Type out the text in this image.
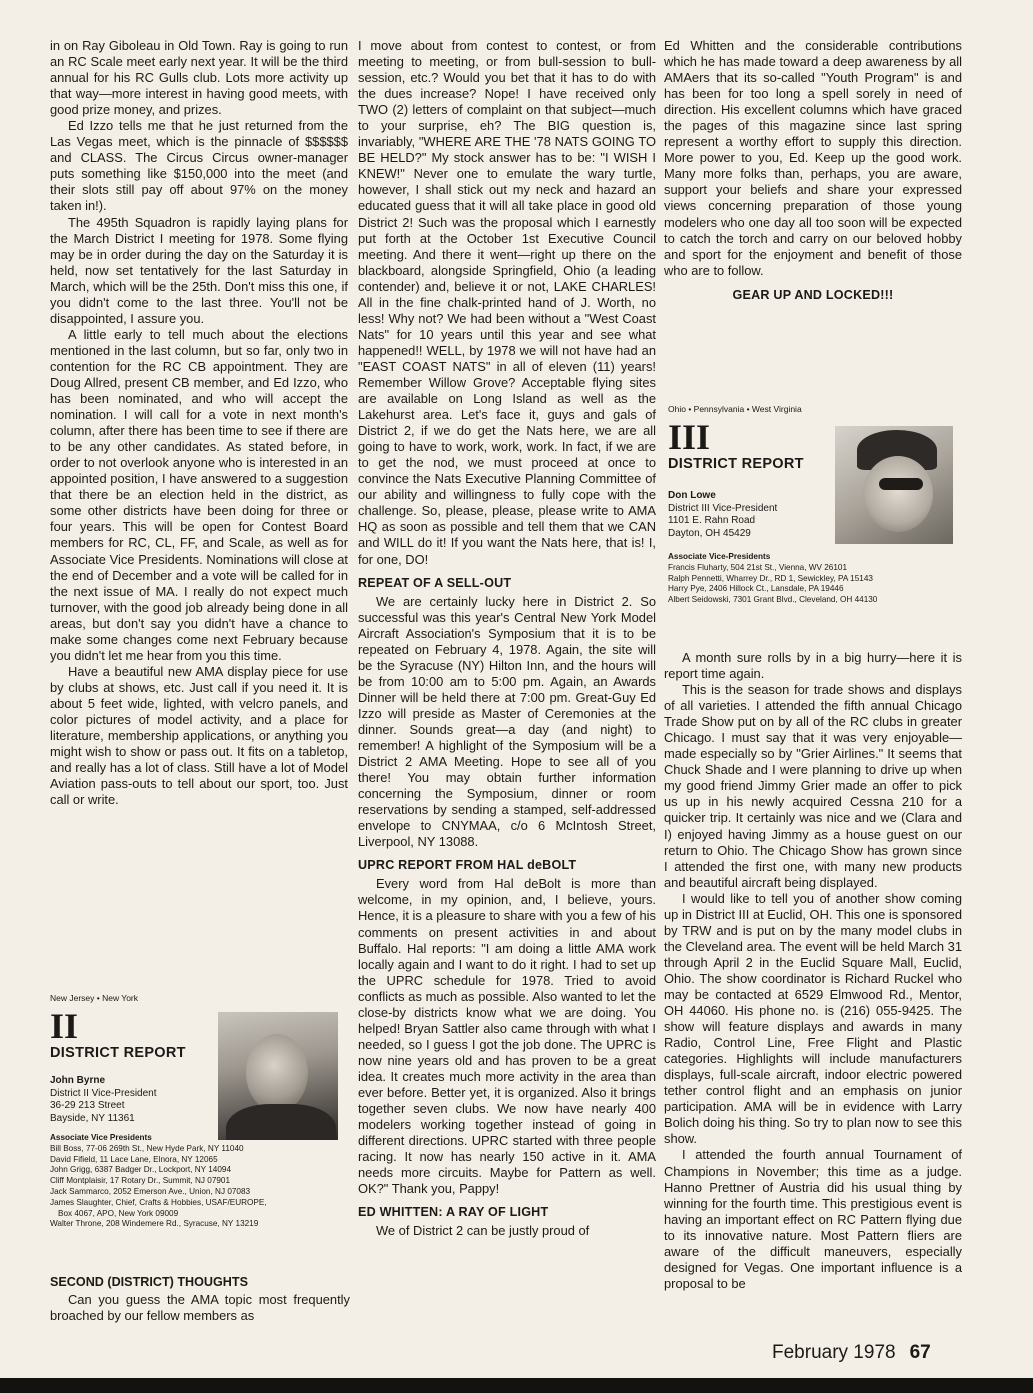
in on Ray Giboleau in Old Town. Ray is going to run an RC Scale meet early next year. It will be the third annual for his RC Gulls club. Lots more activity up that way—more interest in having good meets, with good prize money, and prizes.

Ed Izzo tells me that he just returned from the Las Vegas meet, which is the pinnacle of $$$$$$ and CLASS. The Circus Circus owner-manager puts something like $150,000 into the meet (and their slots still pay off about 97% on the money taken in!).

The 495th Squadron is rapidly laying plans for the March District I meeting for 1978. Some flying may be in order during the day on the Saturday it is held, now set tentatively for the last Saturday in March, which will be the 25th. Don't miss this one, if you didn't come to the last three. You'll not be disappointed, I assure you.

A little early to tell much about the elections mentioned in the last column, but so far, only two in contention for the RC CB appointment. They are Doug Allred, present CB member, and Ed Izzo, who has been nominated, and who will accept the nomination. I will call for a vote in next month's column, after there has been time to see if there are to be any other candidates. As stated before, in order to not overlook anyone who is interested in an appointed position, I have answered to a suggestion that there be an election held in the district, as some other districts have been doing for three or four years. This will be open for Contest Board members for RC, CL, FF, and Scale, as well as for Associate Vice Presidents. Nominations will close at the end of December and a vote will be called for in the next issue of MA. I really do not expect much turnover, with the good job already being done in all areas, but don't say you didn't have a chance to make some changes come next February because you didn't let me hear from you this time.

Have a beautiful new AMA display piece for use by clubs at shows, etc. Just call if you need it. It is about 5 feet wide, lighted, with velcro panels, and color pictures of model activity, and a place for literature, membership applications, or anything you might wish to show or pass out. It fits on a tabletop, and really has a lot of class. Still have a lot of Model Aviation pass-outs to tell about our sport, too. Just call or write.

New Jersey • New York
II
DISTRICT REPORT
John Byrne
District II Vice-President
36-29 213 Street
Bayside, NY 11361
Associate Vice Presidents
Bill Boss, 77-06 269th St., New Hyde Park, NY 11040
David Fifield, 11 Lace Lane, Elnora, NY 12065
John Grigg, 6387 Badger Dr., Lockport, NY 14094
Cliff Montplaisir, 17 Rotary Dr., Summit, NJ 07901
Jack Sammarco, 2052 Emerson Ave., Union, NJ 07083
James Slaughter, Chief, Crafts & Hobbies, USAF/EUROPE,
Box 4067, APO, New York 09009
Walter Throne, 208 Windemere Rd., Syracuse, NY 13219
SECOND (DISTRICT) THOUGHTS
Can you guess the AMA topic most frequently broached by our fellow members as

I move about from contest to contest, or from meeting to meeting, or from bull-session to bull-session, etc.? Would you bet that it has to do with the dues increase? Nope! I have received only TWO (2) letters of complaint on that subject—much to your surprise, eh? The BIG question is, invariably, "WHERE ARE THE '78 NATS GOING TO BE HELD?" My stock answer has to be: "I WISH I KNEW!" Never one to emulate the wary turtle, however, I shall stick out my neck and hazard an educated guess that it will all take place in good old District 2! Such was the proposal which I earnestly put forth at the October 1st Executive Council meeting. And there it went—right up there on the blackboard, alongside Springfield, Ohio (a leading contender) and, believe it or not, LAKE CHARLES! All in the fine chalk-printed hand of J. Worth, no less! Why not? We had been without a "West Coast Nats" for 10 years until this year and see what happened!! WELL, by 1978 we will not have had an "EAST COAST NATS" in all of eleven (11) years! Remember Willow Grove? Acceptable flying sites are available on Long Island as well as the Lakehurst area. Let's face it, guys and gals of District 2, if we do get the Nats here, we are all going to have to work, work, work. In fact, if we are to get the nod, we must proceed at once to convince the Nats Executive Planning Committee of our ability and willingness to fully cope with the challenge. So, please, please, please write to AMA HQ as soon as possible and tell them that we CAN and WILL do it! If you want the Nats here, that is! I, for one, DO!

REPEAT OF A SELL-OUT

We are certainly lucky here in District 2. So successful was this year's Central New York Model Aircraft Association's Symposium that it is to be repeated on February 4, 1978. Again, the site will be the Syracuse (NY) Hilton Inn, and the hours will be from 10:00 am to 5:00 pm. Again, an Awards Dinner will be held there at 7:00 pm. Great-Guy Ed Izzo will preside as Master of Ceremonies at the dinner. Sounds great—a day (and night) to remember! A highlight of the Symposium will be a District 2 AMA Meeting. Hope to see all of you there! You may obtain further information concerning the Symposium, dinner or room reservations by sending a stamped, self-addressed envelope to CNYMAA, c/o 6 McIntosh Street, Liverpool, NY 13088.

UPRC REPORT FROM HAL deBOLT

Every word from Hal deBolt is more than welcome, in my opinion, and, I believe, yours. Hence, it is a pleasure to share with you a few of his comments on present activities in and about Buffalo. Hal reports: "I am doing a little AMA work locally again and I want to do it right. I had to set up the UPRC schedule for 1978. Tried to avoid conflicts as much as possible. Also wanted to let the close-by districts know what we are doing. You helped! Bryan Sattler also came through with what I needed, so I guess I got the job done. The UPRC is now nine years old and has proven to be a great idea. It creates much more activity in the area than ever before. Better yet, it is organized. Also it brings together seven clubs. We now have nearly 400 modelers working together instead of going in different directions. UPRC started with three people racing. It now has nearly 150 active in it. AMA needs more circuits. Maybe for Pattern as well. OK?" Thank you, Pappy!

ED WHITTEN: A RAY OF LIGHT

We of District 2 can be justly proud of

Ed Whitten and the considerable contributions which he has made toward a deep awareness by all AMAers that its so-called "Youth Program" is and has been for too long a spell sorely in need of direction. His excellent columns which have graced the pages of this magazine since last spring represent a worthy effort to supply this direction. More power to you, Ed. Keep up the good work. Many more folks than, perhaps, you are aware, support your beliefs and share your expressed views concerning preparation of those young modelers who one day all too soon will be expected to catch the torch and carry on our beloved hobby and sport for the enjoyment and benefit of those who are to follow.

GEAR UP AND LOCKED!!!
Ohio • Pennsylvania • West Virginia
III
DISTRICT REPORT
Don Lowe
District III Vice-President
1101 E. Rahn Road
Dayton, OH 45429
Associate Vice-Presidents
Francis Fluharty, 504 21st St., Vienna, WV 26101
Ralph Pennetti, Wharrey Dr., RD 1, Sewickley, PA 15143
Harry Pye, 2406 Hillock Ct., Lansdale, PA 19446
Albert Seidowski, 7301 Grant Blvd., Cleveland, OH 44130

A month sure rolls by in a big hurry—here it is report time again.

This is the season for trade shows and displays of all varieties. I attended the fifth annual Chicago Trade Show put on by all of the RC clubs in greater Chicago. I must say that it was very enjoyable—made especially so by "Grier Airlines." It seems that Chuck Shade and I were planning to drive up when my good friend Jimmy Grier made an offer to pick us up in his newly acquired Cessna 210 for a quicker trip. It certainly was nice and we (Clara and I) enjoyed having Jimmy as a house guest on our return to Ohio. The Chicago Show has grown since I attended the first one, with many new products and beautiful aircraft being displayed.

I would like to tell you of another show coming up in District III at Euclid, OH. This one is sponsored by TRW and is put on by the many model clubs in the Cleveland area. The event will be held March 31 through April 2 in the Euclid Square Mall, Euclid, Ohio. The show coordinator is Richard Ruckel who may be contacted at 6529 Elmwood Rd., Mentor, OH 44060. His phone no. is (216) 055-9425. The show will feature displays and awards in many Radio, Control Line, Free Flight and Plastic categories. Highlights will include manufacturers displays, full-scale aircraft, indoor electric powered tether control flight and an emphasis on junior participation. AMA will be in evidence with Larry Bolich doing his thing. So try to plan now to see this show.

I attended the fourth annual Tournament of Champions in November; this time as a judge. Hanno Prettner of Austria did his usual thing by winning for the fourth time. This prestigious event is having an important effect on RC Pattern flying due to its innovative nature. Most Pattern fliers are aware of the difficult maneuvers, especially designed for Vegas. One important influence is a proposal to be

February 1978 67
